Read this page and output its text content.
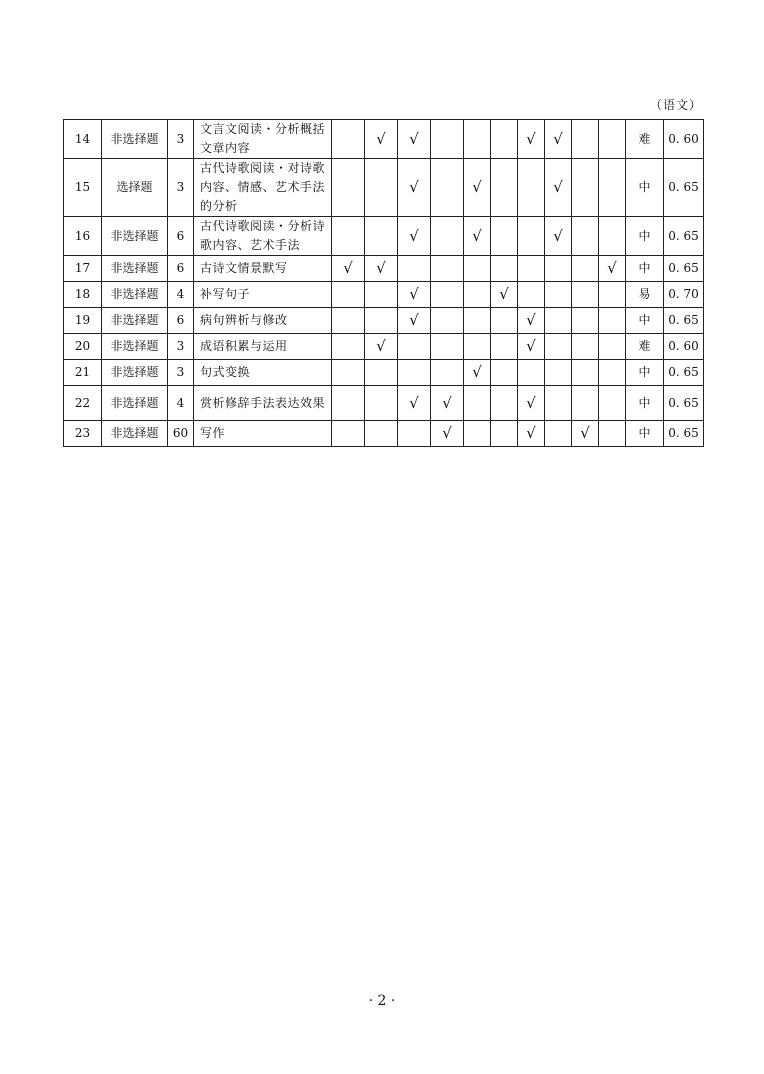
（语文）
14	非选择题	3	文言文阅读・分析概括文章内容		√	√				√	√			难	0. 60
15	选择题	3	古代诗歌阅读・对诗歌内容、情感、艺术手法的分析			√		√			√			中	0. 65
16	非选择题	6	古代诗歌阅读・分析诗歌内容、艺术手法			√		√			√			中	0. 65
17	非选择题	6	古诗文情景默写	√	√								√	中	0. 65
18	非选择题	4	补写句子			√			√					易	0. 70
19	非选择题	6	病句辨析与修改			√				√				中	0. 65
20	非选择题	3	成语积累与运用		√					√				难	0. 60
21	非选择题	3	句式变换					√						中	0. 65
22	非选择题	4	赏析修辞手法表达效果			√	√			√				中	0. 65
23	非选择题	60	写作				√			√		√		中	0. 65
· 2 ·
